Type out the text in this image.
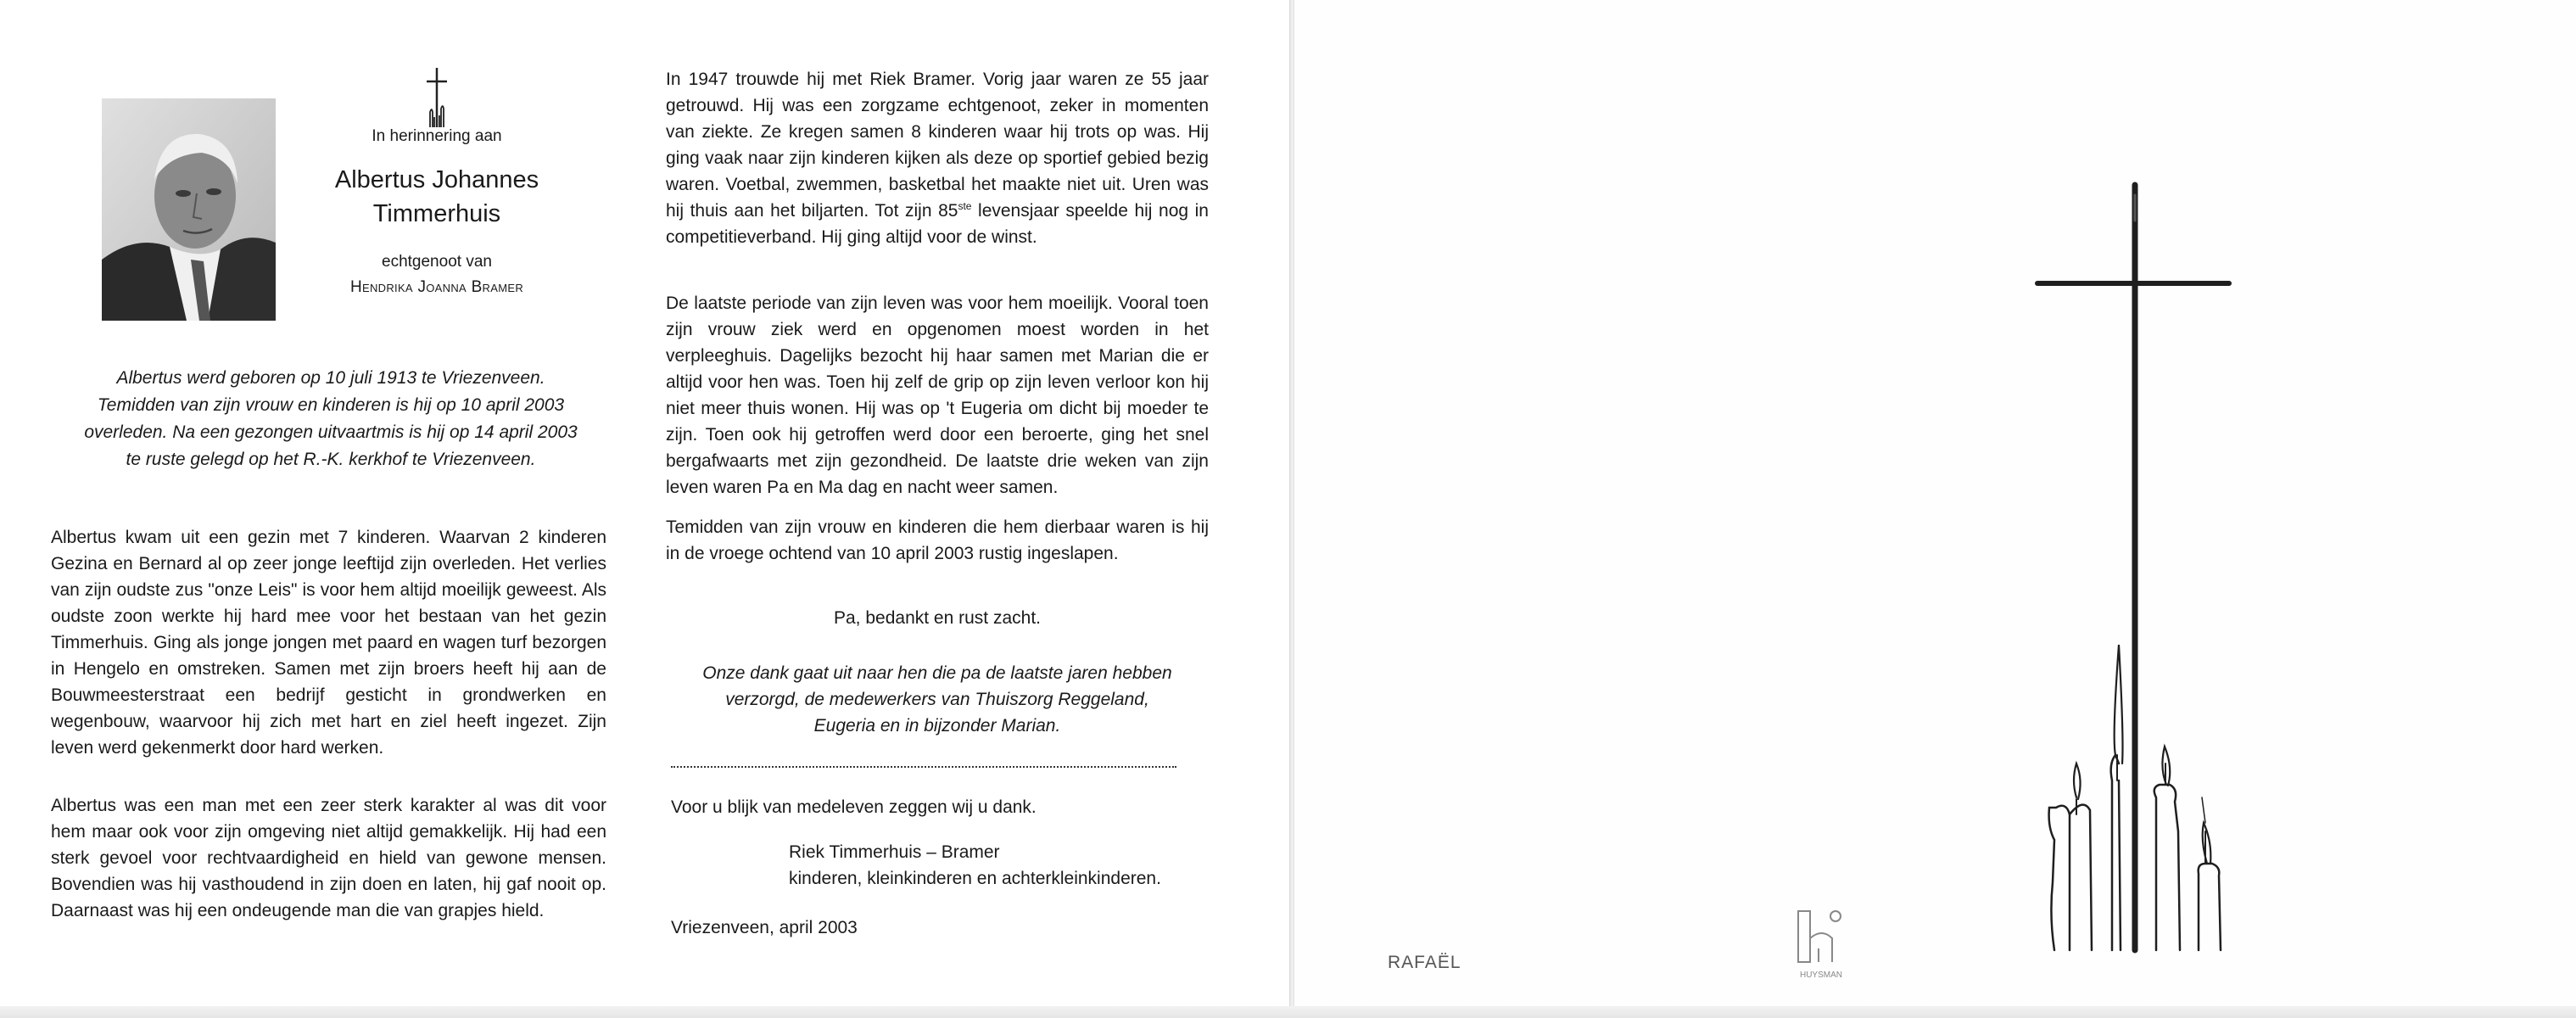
In herinnering aan

Albertus Johannes
Timmerhuis

echtgenoot van

Hendrika Joanna Bramer

Albertus werd geboren op 10 juli 1913 te Vriezenveen.

Temidden van zijn vrouw en kinderen is hij op 10 april 2003

overleden. Na een gezongen uitvaartmis is hij op 14 april 2003

te ruste gelegd op het R.-K. kerkhof te Vriezenveen.

Albertus kwam uit een gezin met 7 kinderen. Waarvan 2 kinderen Gezina en Bernard al op zeer jonge leeftijd zijn overleden. Het verlies van zijn oudste zus "onze Leis" is voor hem altijd moeilijk geweest. Als oudste zoon werkte hij hard mee voor het bestaan van het gezin Timmerhuis. Ging als jonge jongen met paard en wagen turf bezorgen in Hengelo en omstreken. Samen met zijn broers heeft hij aan de Bouwmeesterstraat een bedrijf gesticht in grondwerken en wegenbouw, waarvoor hij zich met hart en ziel heeft ingezet. Zijn leven werd gekenmerkt door hard werken.

Albertus was een man met een zeer sterk karakter al was dit voor hem maar ook voor zijn omgeving niet altijd gemakkelijk. Hij had een sterk gevoel voor rechtvaardigheid en hield van gewone mensen. Bovendien was hij vasthoudend in zijn doen en laten, hij gaf nooit op. Daarnaast was hij een ondeugende man die van grapjes hield.

In 1947 trouwde hij met Riek Bramer. Vorig jaar waren ze 55 jaar getrouwd. Hij was een zorgzame echtgenoot, zeker in momenten van ziekte. Ze kregen samen 8 kinderen waar hij trots op was. Hij ging vaak naar zijn kinderen kijken als deze op sportief gebied bezig waren. Voetbal, zwemmen, basketbal het maakte niet uit. Uren was hij thuis aan het biljarten. Tot zijn 85ste levensjaar speelde hij nog in competitieverband. Hij ging altijd voor de winst.

De laatste periode van zijn leven was voor hem moeilijk. Vooral toen zijn vrouw ziek werd en opgenomen moest worden in het verpleeghuis. Dagelijks bezocht hij haar samen met Marian die er altijd voor hen was. Toen hij zelf de grip op zijn leven verloor kon hij niet meer thuis wonen. Hij was op 't Eugeria om dicht bij moeder te zijn. Toen ook hij getroffen werd door een beroerte, ging het snel bergafwaarts met zijn gezondheid. De laatste drie weken van zijn leven waren Pa en Ma dag en nacht weer samen.

Temidden van zijn vrouw en kinderen die hem dierbaar waren is hij in de vroege ochtend van 10 april 2003 rustig ingeslapen.

Pa, bedankt en rust zacht.

Onze dank gaat uit naar hen die pa de laatste jaren hebben

verzorgd, de medewerkers van Thuiszorg Reggeland,

Eugeria en in bijzonder Marian.

Voor u blijk van medeleven zeggen wij u dank.

Riek Timmerhuis – Bramer

kinderen, kleinkinderen en achterkleinkinderen.

Vriezenveen, april 2003

RAFAËL
HUYSMAN
